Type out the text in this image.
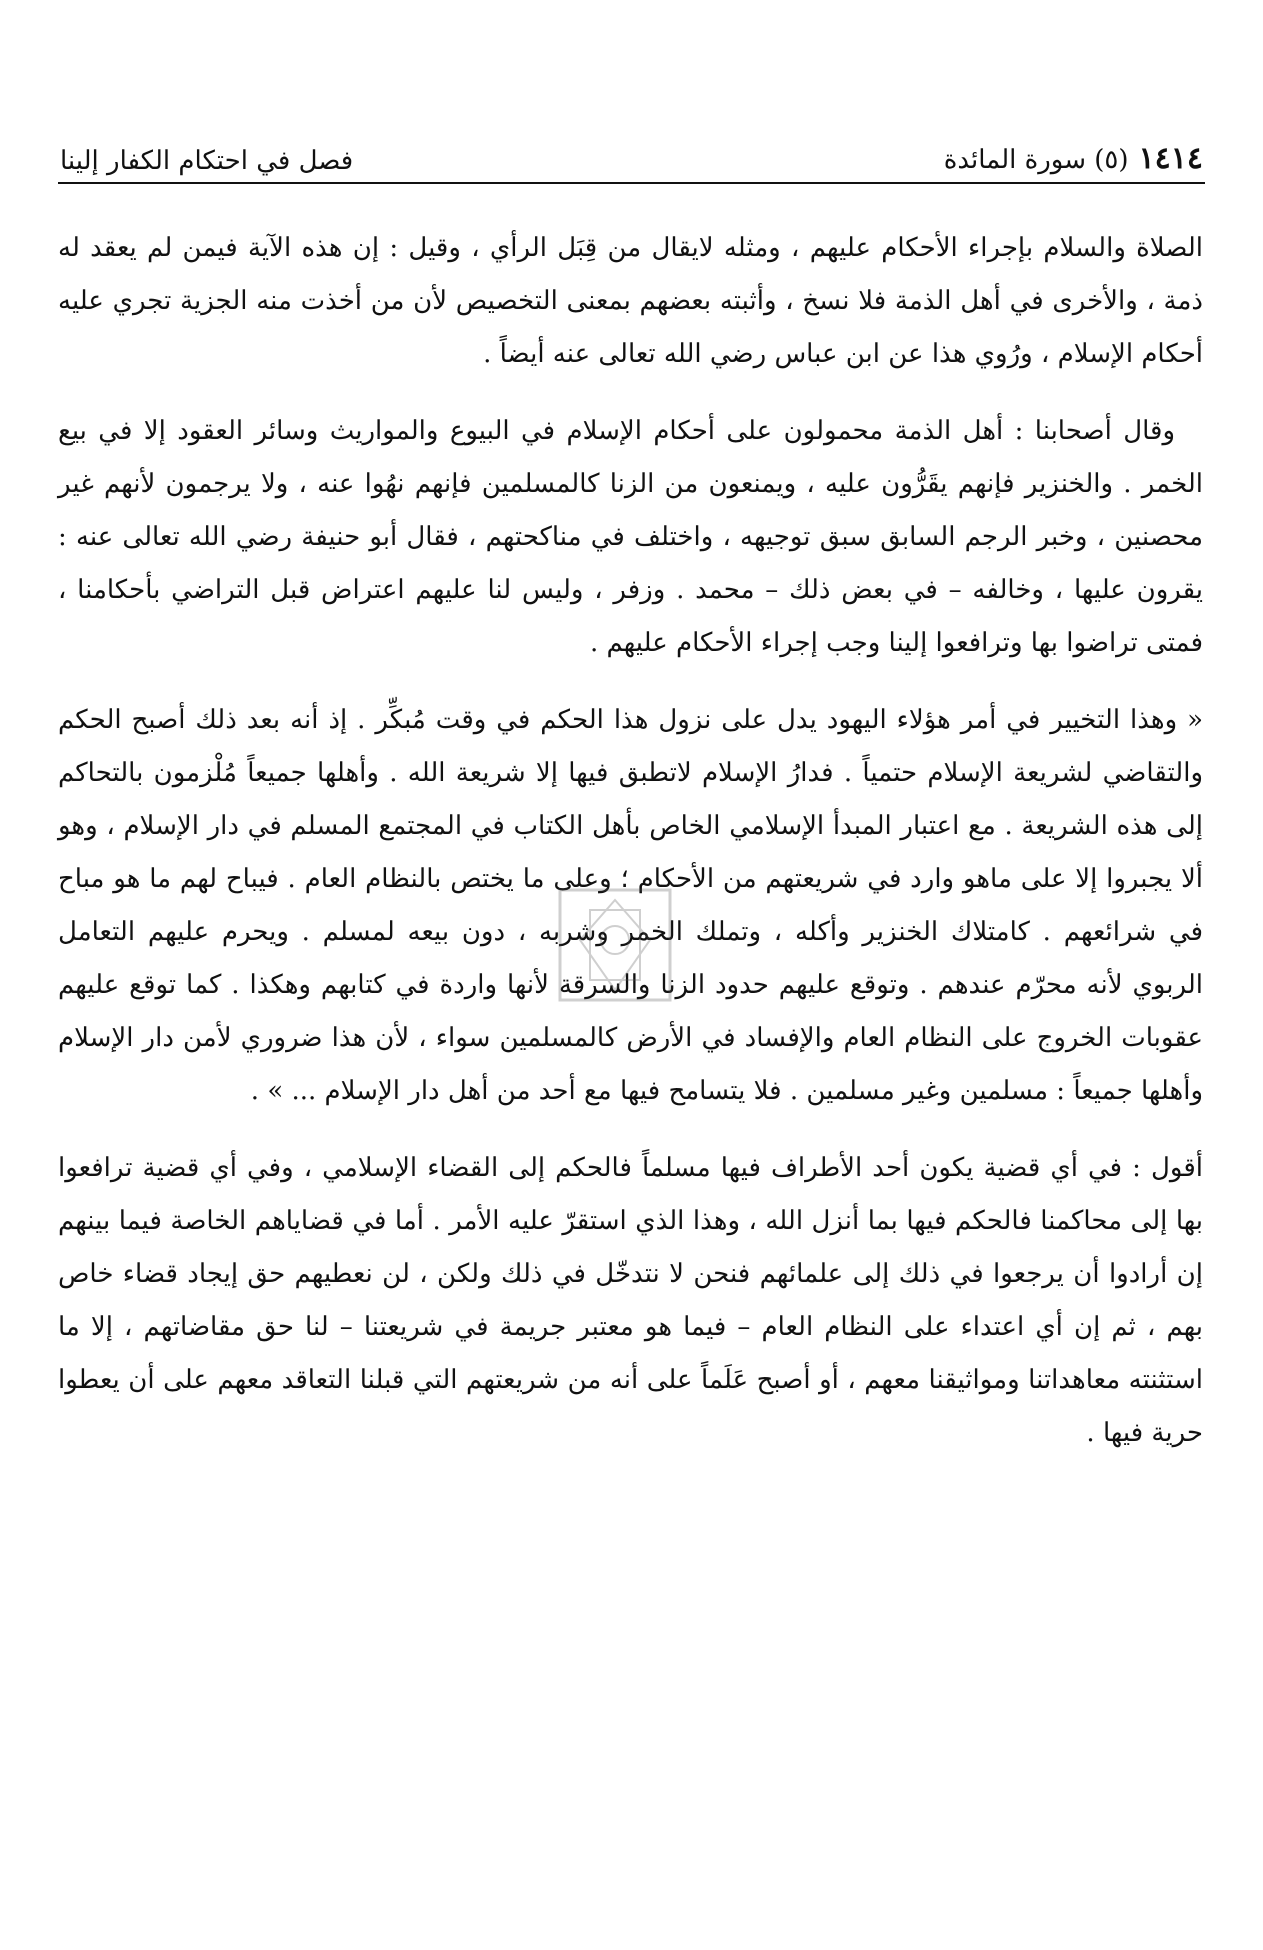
١٤١٤
(٥) سورة المائدة
فصل في احتكام الكفار إلينا

الصلاة والسلام بإجراء الأحكام عليهم ، ومثله لايقال من قِبَل الرأي ، وقيل : إن هذه الآية فيمن لم يعقد له ذمة ، والأخرى في أهل الذمة فلا نسخ ، وأثبته بعضهم بمعنى التخصيص لأن من أخذت منه الجزية تجري عليه أحكام الإسلام ، ورُوي هذا عن ابن عباس رضي الله تعالى عنه أيضاً .

وقال أصحابنا : أهل الذمة محمولون على أحكام الإسلام في البيوع والمواريث وسائر العقود إلا في بيع الخمر . والخنزير فإنهم يقَرُّون عليه ، ويمنعون من الزنا كالمسلمين فإنهم نهُوا عنه ، ولا يرجمون لأنهم غير محصنين ، وخبر الرجم السابق سبق توجيهه ، واختلف في مناكحتهم ، فقال أبو حنيفة رضي الله تعالى عنه : يقرون عليها ، وخالفه – في بعض ذلك – محمد . وزفر ، وليس لنا عليهم اعتراض قبل التراضي بأحكامنا ، فمتى تراضوا بها وترافعوا إلينا وجب إجراء الأحكام عليهم .

« وهذا التخيير في أمر هؤلاء اليهود يدل على نزول هذا الحكم في وقت مُبكِّر . إذ أنه بعد ذلك أصبح الحكم والتقاضي لشريعة الإسلام حتمياً . فدارُ الإسلام لاتطبق فيها إلا شريعة الله . وأهلها جميعاً مُلْزمون بالتحاكم إلى هذه الشريعة . مع اعتبار المبدأ الإسلامي الخاص بأهل الكتاب في المجتمع المسلم في دار الإسلام ، وهو ألا يجبروا إلا على ماهو وارد في شريعتهم من الأحكام ؛ وعلى ما يختص بالنظام العام . فيباح لهم ما هو مباح في شرائعهم . كامتلاك الخنزير وأكله ، وتملك الخمر وشربه ، دون بيعه لمسلم . ويحرم عليهم التعامل الربوي لأنه محرّم عندهم . وتوقع عليهم حدود الزنا والسرقة لأنها واردة في كتابهم وهكذا . كما توقع عليهم عقوبات الخروج على النظام العام والإفساد في الأرض كالمسلمين سواء ، لأن هذا ضروري لأمن دار الإسلام وأهلها جميعاً : مسلمين وغير مسلمين . فلا يتسامح فيها مع أحد من أهل دار الإسلام ... » .

أقول : في أي قضية يكون أحد الأطراف فيها مسلماً فالحكم إلى القضاء الإسلامي ، وفي أي قضية ترافعوا بها إلى محاكمنا فالحكم فيها بما أنزل الله ، وهذا الذي استقرّ عليه الأمر . أما في قضاياهم الخاصة فيما بينهم إن أرادوا أن يرجعوا في ذلك إلى علمائهم فنحن لا نتدخّل في ذلك ولكن ، لن نعطيهم حق إيجاد قضاء خاص بهم ، ثم إن أي اعتداء على النظام العام – فيما هو معتبر جريمة في شريعتنا – لنا حق مقاضاتهم ، إلا ما استثنته معاهداتنا ومواثيقنا معهم ، أو أصبح عَلَماً على أنه من شريعتهم التي قبلنا التعاقد معهم على أن يعطوا حرية فيها .
